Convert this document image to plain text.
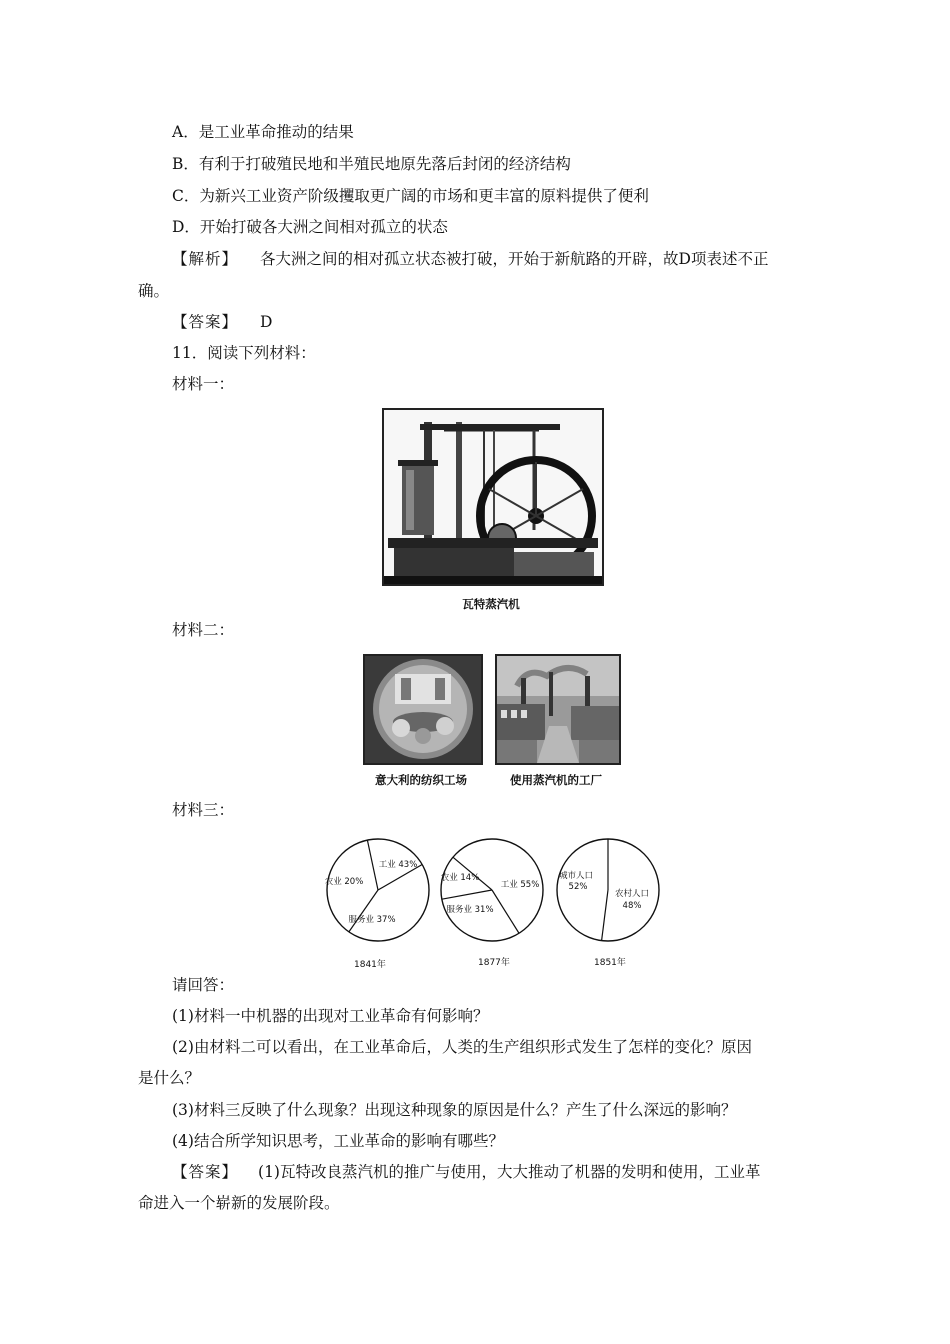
A．是工业革命推动的结果
B．有利于打破殖民地和半殖民地原先落后封闭的经济结构
C．为新兴工业资产阶级攫取更广阔的市场和更丰富的原料提供了便利
D．开始打破各大洲之间相对孤立的状态
【解析】 各大洲之间的相对孤立状态被打破，开始于新航路的开辟，故D项表述不正
确。
【答案】 D
11．阅读下列材料：
材料一：
瓦特蒸汽机
材料二：
意大利的纺织工场	使用蒸汽机的工厂
材料三：
工业 43%
服务业 37%
农业 20%	工业 55%
服务业 31%
农业 14%	城市人口
52%
农村人口
48%
1841年	1877年	1851年
请回答：
(1)材料一中机器的出现对工业革命有何影响？
(2)由材料二可以看出，在工业革命后，人类的生产组织形式发生了怎样的变化？原因
是什么？
(3)材料三反映了什么现象？出现这种现象的原因是什么？产生了什么深远的影响？
(4)结合所学知识思考，工业革命的影响有哪些？
【答案】 (1)瓦特改良蒸汽机的推广与使用，大大推动了机器的发明和使用，工业革
命进入一个崭新的发展阶段。
